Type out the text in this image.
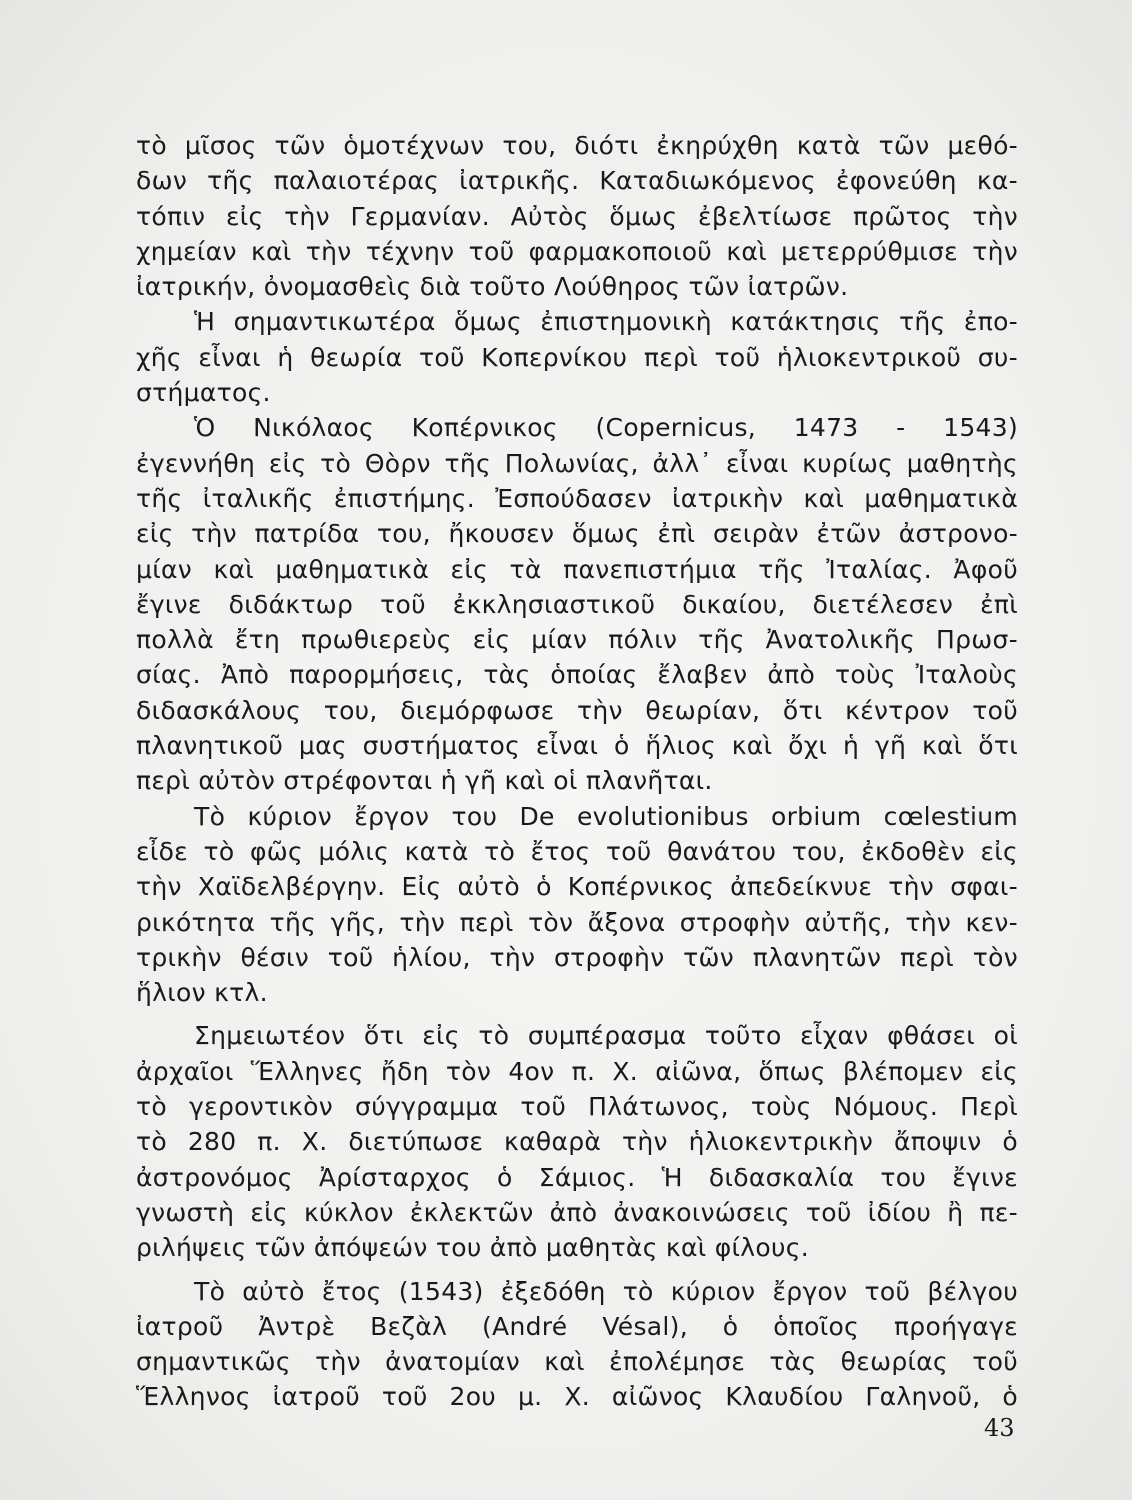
τὸ μῖσος τῶν ὁμοτέχνων του, διότι ἐκηρύχθη κατὰ τῶν μεθό-
δων τῆς παλαιοτέρας ἰατρικῆς. Καταδιωκόμενος ἐφονεύθη κα-
τόπιν εἰς τὴν Γερμανίαν. Αὐτὸς ὅμως ἐβελτίωσε πρῶτος τὴν
χημείαν καὶ τὴν τέχνην τοῦ φαρμακοποιοῦ καὶ μετερρύθμισε τὴν
ἰατρικήν, ὀνομασθεὶς διὰ τοῦτο Λούθηρος τῶν ἰατρῶν.
Ἡ σημαντικωτέρα ὅμως ἐπιστημονικὴ κατάκτησις τῆς ἐπο-
χῆς εἶναι ἡ θεωρία τοῦ Κοπερνίκου περὶ τοῦ ἡλιοκεντρικοῦ συ-
στήματος.
Ὁ Νικόλαος Κοπέρνικος (Copernicus, 1473 - 1543)
ἐγεννήθη εἰς τὸ Θὸρν τῆς Πολωνίας, ἀλλ᾽ εἶναι κυρίως μαθητὴς
τῆς ἰταλικῆς ἐπιστήμης. Ἐσπούδασεν ἰατρικὴν καὶ μαθηματικὰ
εἰς τὴν πατρίδα του, ἤκουσεν ὅμως ἐπὶ σειρὰν ἐτῶν ἀστρονο-
μίαν καὶ μαθηματικὰ εἰς τὰ πανεπιστήμια τῆς Ἰταλίας. Ἀφοῦ
ἔγινε διδάκτωρ τοῦ ἐκκλησιαστικοῦ δικαίου, διετέλεσεν ἐπὶ
πολλὰ ἔτη πρωθιερεὺς εἰς μίαν πόλιν τῆς Ἀνατολικῆς Πρωσ-
σίας. Ἀπὸ παρορμήσεις, τὰς ὁποίας ἔλαβεν ἀπὸ τοὺς Ἰταλοὺς
διδασκάλους του, διεμόρφωσε τὴν θεωρίαν, ὅτι κέντρον τοῦ
πλανητικοῦ μας συστήματος εἶναι ὁ ἥλιος καὶ ὄχι ἡ γῆ καὶ ὅτι
περὶ αὐτὸν στρέφονται ἡ γῆ καὶ οἱ πλανῆται.
Τὸ κύριον ἔργον του De evolutionibus orbium cœlestium
εἶδε τὸ φῶς μόλις κατὰ τὸ ἔτος τοῦ θανάτου του, ἐκδοθὲν εἰς
τὴν Χαϊδελβέργην. Εἰς αὐτὸ ὁ Κοπέρνικος ἀπεδείκνυε τὴν σφαι-
ρικότητα τῆς γῆς, τὴν περὶ τὸν ἄξονα στροφὴν αὐτῆς, τὴν κεν-
τρικὴν θέσιν τοῦ ἡλίου, τὴν στροφὴν τῶν πλανητῶν περὶ τὸν
ἥλιον κτλ.
Σημειωτέον ὅτι εἰς τὸ συμπέρασμα τοῦτο εἶχαν φθάσει οἱ
ἀρχαῖοι Ἕλληνες ἤδη τὸν 4ον π. Χ. αἰῶνα, ὅπως βλέπομεν εἰς
τὸ γεροντικὸν σύγγραμμα τοῦ Πλάτωνος, τοὺς Νόμους. Περὶ
τὸ 280 π. Χ. διετύπωσε καθαρὰ τὴν ἡλιοκεντρικὴν ἄποψιν ὁ
ἀστρονόμος Ἀρίσταρχος ὁ Σάμιος. Ἡ διδασκαλία του ἔγινε
γνωστὴ εἰς κύκλον ἐκλεκτῶν ἀπὸ ἀνακοινώσεις τοῦ ἰδίου ἢ πε-
ριλήψεις τῶν ἀπόψεών του ἀπὸ μαθητὰς καὶ φίλους.
Τὸ αὐτὸ ἔτος (1543) ἐξεδόθη τὸ κύριον ἔργον τοῦ βέλγου
ἰατροῦ Ἀντρὲ Βεζὰλ (André Vésal), ὁ ὁποῖος προήγαγε
σημαντικῶς τὴν ἀνατομίαν καὶ ἐπολέμησε τὰς θεωρίας τοῦ
Ἕλληνος ἰατροῦ τοῦ 2ου μ. Χ. αἰῶνος Κλαυδίου Γαληνοῦ, ὁ
43
